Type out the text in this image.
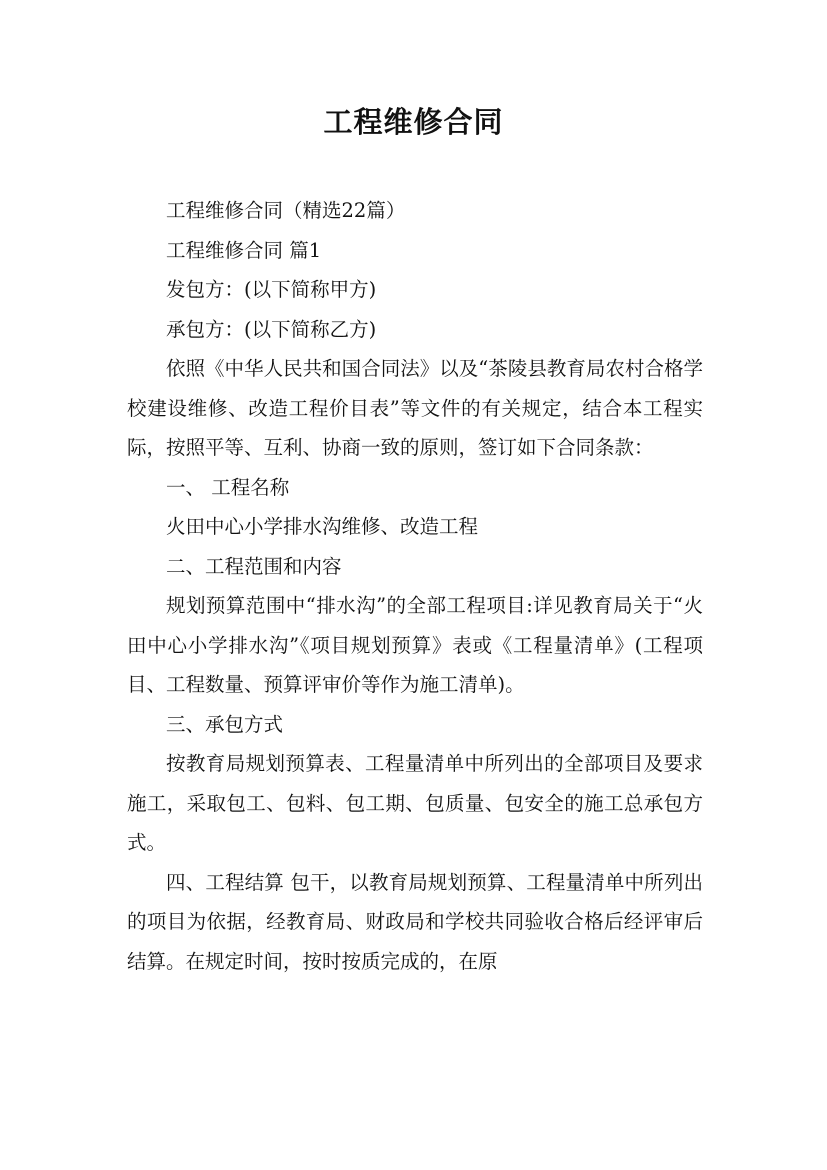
工程维修合同

工程维修合同（精选22篇）

工程维修合同 篇1

发包方：(以下简称甲方)

承包方：(以下简称乙方)

依照《中华人民共和国合同法》以及“茶陵县教育局农村合格学校建设维修、改造工程价目表”等文件的有关规定，结合本工程实际，按照平等、互利、协商一致的原则，签订如下合同条款：

一、 工程名称

火田中心小学排水沟维修、改造工程

二、工程范围和内容

规划预算范围中“排水沟”的全部工程项目:详见教育局关于“火田中心小学排水沟”《项目规划预算》表或《工程量清单》(工程项目、工程数量、预算评审价等作为施工清单)。

三、承包方式

按教育局规划预算表、工程量清单中所列出的全部项目及要求施工，采取包工、包料、包工期、包质量、包安全的施工总承包方式。

四、工程结算 包干，以教育局规划预算、工程量清单中所列出的项目为依据，经教育局、财政局和学校共同验收合格后经评审后结算。在规定时间，按时按质完成的，在原
